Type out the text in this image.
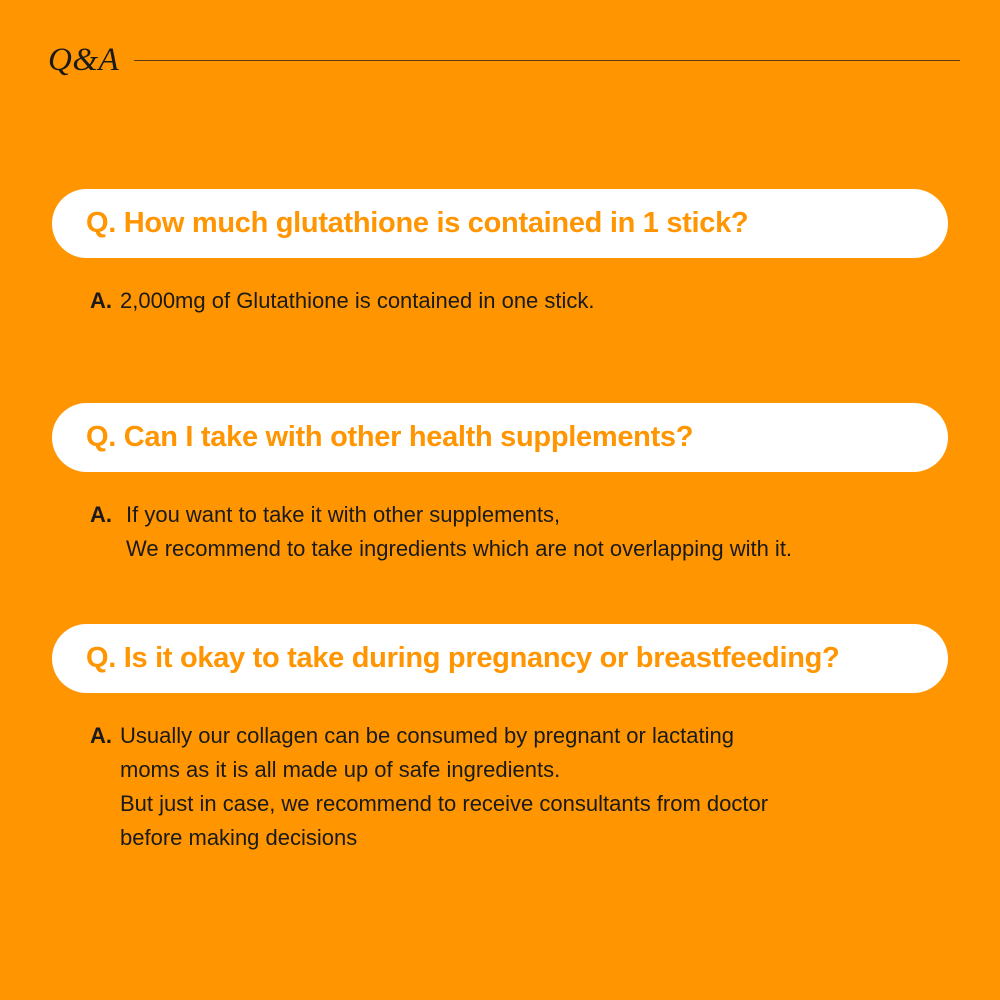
Q&A
Q. How much glutathione is contained in 1 stick?
A. 2,000mg of Glutathione is contained in one stick.
Q. Can I take with other health supplements?
A. If you want to take it with other supplements,
We recommend to take ingredients which are not overlapping with it.
Q. Is it okay to take during pregnancy or breastfeeding?
A. Usually our collagen can be consumed by pregnant or lactating
moms as it is all made up of safe ingredients.
But just in case, we recommend to receive consultants from doctor
before making decisions
